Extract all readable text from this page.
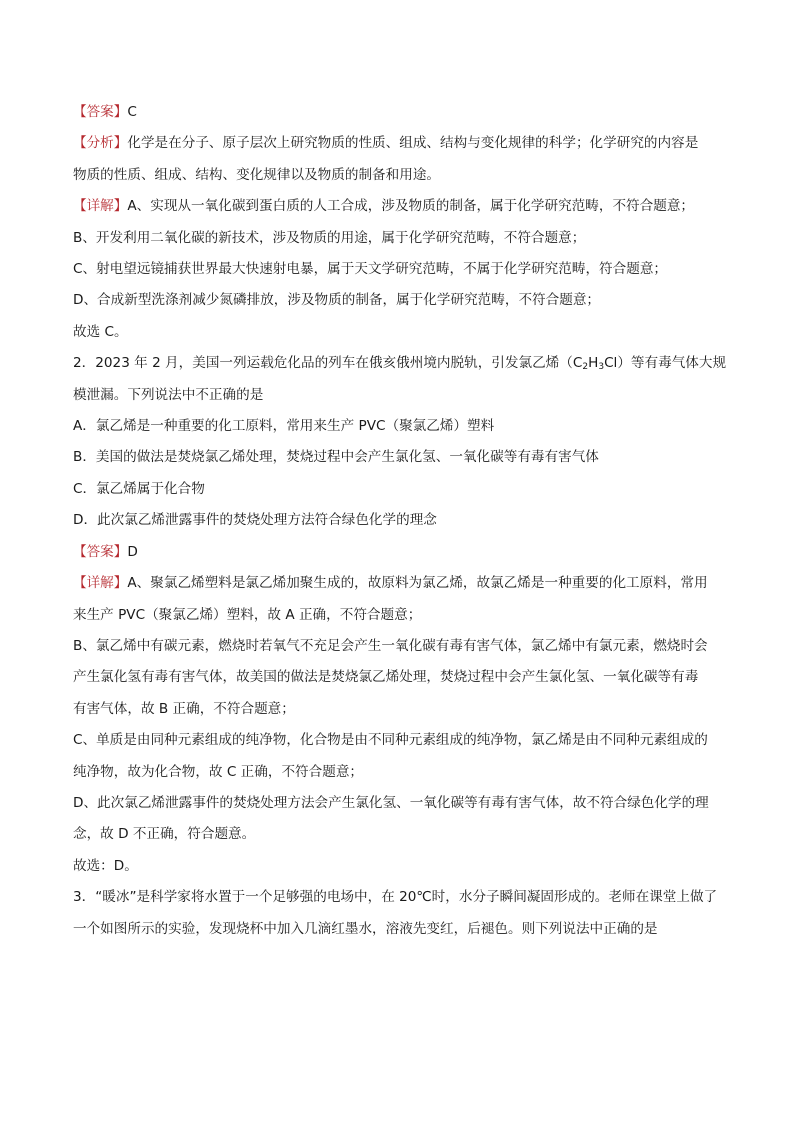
【答案】C

【分析】化学是在分子、原子层次上研究物质的性质、组成、结构与变化规律的科学；化学研究的内容是

物质的性质、组成、结构、变化规律以及物质的制备和用途。

【详解】A、实现从一氧化碳到蛋白质的人工合成，涉及物质的制备，属于化学研究范畴，不符合题意；

B、开发利用二氧化碳的新技术，涉及物质的用途，属于化学研究范畴，不符合题意；

C、射电望远镜捕获世界最大快速射电暴，属于天文学研究范畴，不属于化学研究范畴，符合题意；

D、合成新型洗涤剂减少氮磷排放，涉及物质的制备，属于化学研究范畴，不符合题意；

故选 C。

2．2023 年 2 月，美国一列运载危化品的列车在俄亥俄州境内脱轨，引发氯乙烯$(C_2H_3Cl)$等有毒气体大规

模泄漏。下列说法中不正确的是

A．氯乙烯是一种重要的化工原料，常用来生产 PVC（聚氯乙烯）塑料

B．美国的做法是焚烧氯乙烯处理，焚烧过程中会产生氯化氢、一氧化碳等有毒有害气体

C．氯乙烯属于化合物

D．此次氯乙烯泄露事件的焚烧处理方法符合绿色化学的理念

【答案】D

【详解】A、聚氯乙烯塑料是氯乙烯加聚生成的，故原料为氯乙烯，故氯乙烯是一种重要的化工原料，常用

来生产 PVC（聚氯乙烯）塑料，故 A 正确，不符合题意；

B、氯乙烯中有碳元素，燃烧时若氧气不充足会产生一氧化碳有毒有害气体，氯乙烯中有氯元素，燃烧时会

产生氯化氢有毒有害气体，故美国的做法是焚烧氯乙烯处理，焚烧过程中会产生氯化氢、一氧化碳等有毒

有害气体，故 B 正确，不符合题意；

C、单质是由同种元素组成的纯净物，化合物是由不同种元素组成的纯净物，氯乙烯是由不同种元素组成的

纯净物，故为化合物，故 C 正确，不符合题意；

D、此次氯乙烯泄露事件的焚烧处理方法会产生氯化氢、一氧化碳等有毒有害气体，故不符合绿色化学的理

念，故 D 不正确，符合题意。

故选：D。

3．“暖冰”是科学家将水置于一个足够强的电场中，在 20℃时，水分子瞬间凝固形成的。老师在课堂上做了

一个如图所示的实验，发现烧杯中加入几滴红墨水，溶液先变红，后褪色。则下列说法中正确的是
